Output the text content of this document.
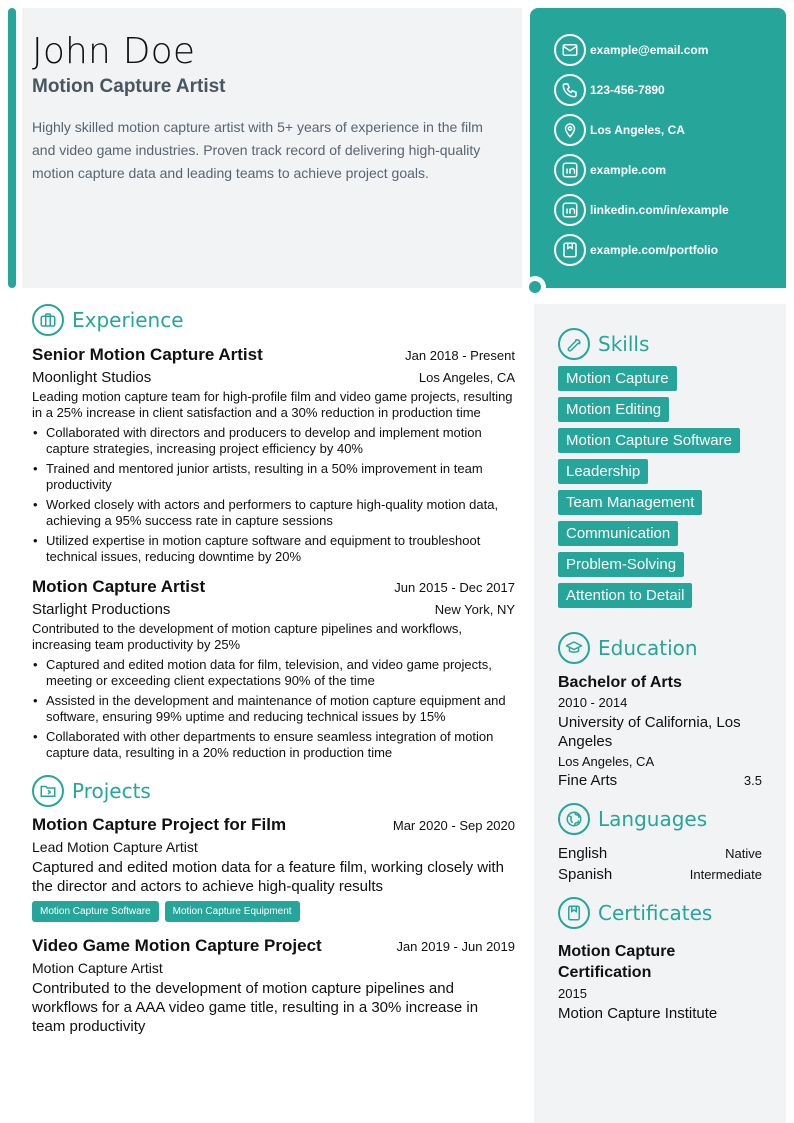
John Doe
Motion Capture Artist
Highly skilled motion capture artist with 5+ years of experience in the film and video game industries. Proven track record of delivering high-quality motion capture data and leading teams to achieve project goals.
example@email.com
123-456-7890
Los Angeles, CA
example.com
linkedin.com/in/example
example.com/portfolio
Experience
Senior Motion Capture Artist	Jan 2018 - Present
Moonlight Studios	Los Angeles, CA
Leading motion capture team for high-profile film and video game projects, resulting in a 25% increase in client satisfaction and a 30% reduction in production time
• Collaborated with directors and producers to develop and implement motion capture strategies, increasing project efficiency by 40%
• Trained and mentored junior artists, resulting in a 50% improvement in team productivity
• Worked closely with actors and performers to capture high-quality motion data, achieving a 95% success rate in capture sessions
• Utilized expertise in motion capture software and equipment to troubleshoot technical issues, reducing downtime by 20%
Motion Capture Artist	Jun 2015 - Dec 2017
Starlight Productions	New York, NY
Contributed to the development of motion capture pipelines and workflows, increasing team productivity by 25%
• Captured and edited motion data for film, television, and video game projects, meeting or exceeding client expectations 90% of the time
• Assisted in the development and maintenance of motion capture equipment and software, ensuring 99% uptime and reducing technical issues by 15%
• Collaborated with other departments to ensure seamless integration of motion capture data, resulting in a 20% reduction in production time
Projects
Motion Capture Project for Film	Mar 2020 - Sep 2020
Lead Motion Capture Artist
Captured and edited motion data for a feature film, working closely with the director and actors to achieve high-quality results
Motion Capture Software	Motion Capture Equipment
Video Game Motion Capture Project	Jan 2019 - Jun 2019
Motion Capture Artist
Contributed to the development of motion capture pipelines and workflows for a AAA video game title, resulting in a 30% increase in team productivity
Skills
Motion Capture
Motion Editing
Motion Capture Software
Leadership
Team Management
Communication
Problem-Solving
Attention to Detail
Education
Bachelor of Arts
2010 - 2014
University of California, Los Angeles
Los Angeles, CA
Fine Arts	3.5
Languages
English	Native
Spanish	Intermediate
Certificates
Motion Capture Certification
2015
Motion Capture Institute
